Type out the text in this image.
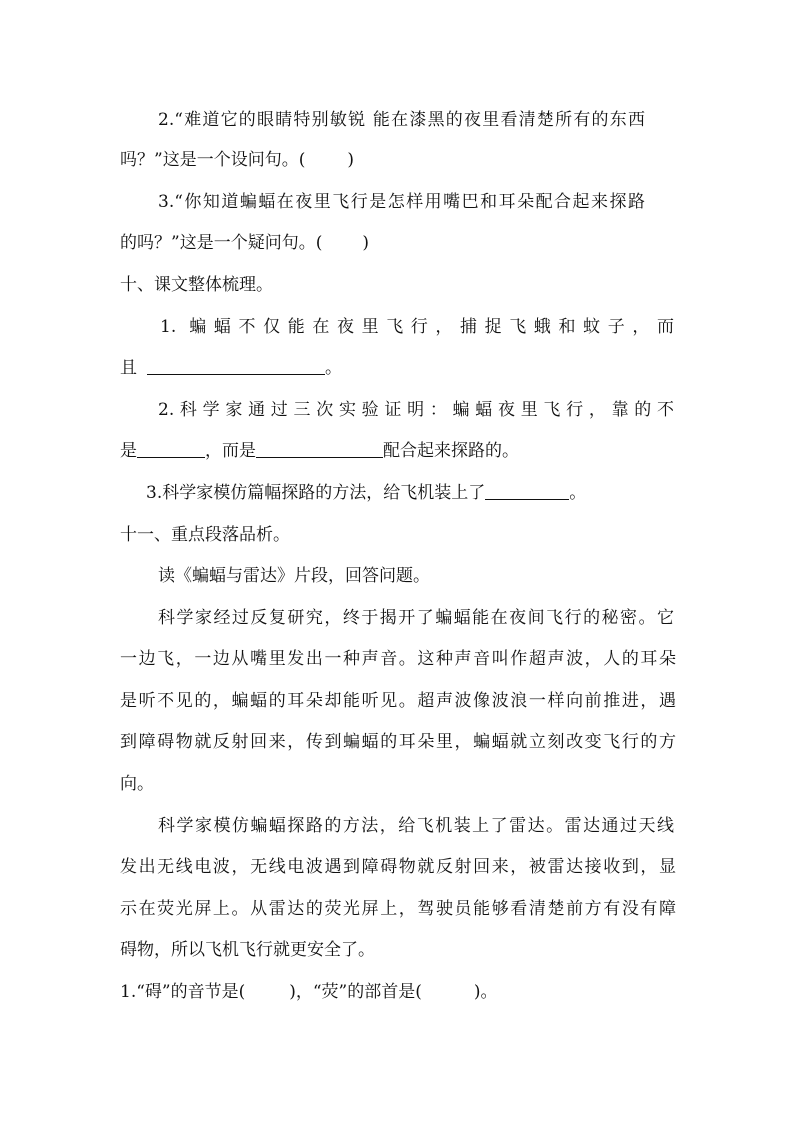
2.“难道它的眼睛特别敏锐 能在漆黑的夜里看清楚所有的东西
吗？”这是一个设问句。( )
3.“你知道蝙蝠在夜里飞行是怎样用嘴巴和耳朵配合起来探路
的吗？”这是一个疑问句。( )
十、课文整体梳理。
1. 蝙蝠不仅能在夜里飞行，捕捉飞蛾和蚊子，而
且	。
2.科学家通过三次实验证明：蝙蝠夜里飞行，靠的不
是	，而是	配合起来探路的。
3.科学家模仿篇幅探路的方法，给飞机装上了	。
十一、重点段落品析。
读《蝙蝠与雷达》片段，回答问题。
科学家经过反复研究，终于揭开了蝙蝠能在夜间飞行的秘密。它
一边飞，一边从嘴里发出一种声音。这种声音叫作超声波，人的耳朵
是听不见的，蝙蝠的耳朵却能听见。超声波像波浪一样向前推进，遇
到障碍物就反射回来，传到蝙蝠的耳朵里，蝙蝠就立刻改变飞行的方
向。
科学家模仿蝙蝠探路的方法，给飞机装上了雷达。雷达通过天线
发出无线电波，无线电波遇到障碍物就反射回来，被雷达接收到，显
示在荧光屏上。从雷达的荧光屏上，驾驶员能够看清楚前方有没有障
碍物，所以飞机飞行就更安全了。
1.“碍”的音节是(	)，“荧”的部首是(	)。
